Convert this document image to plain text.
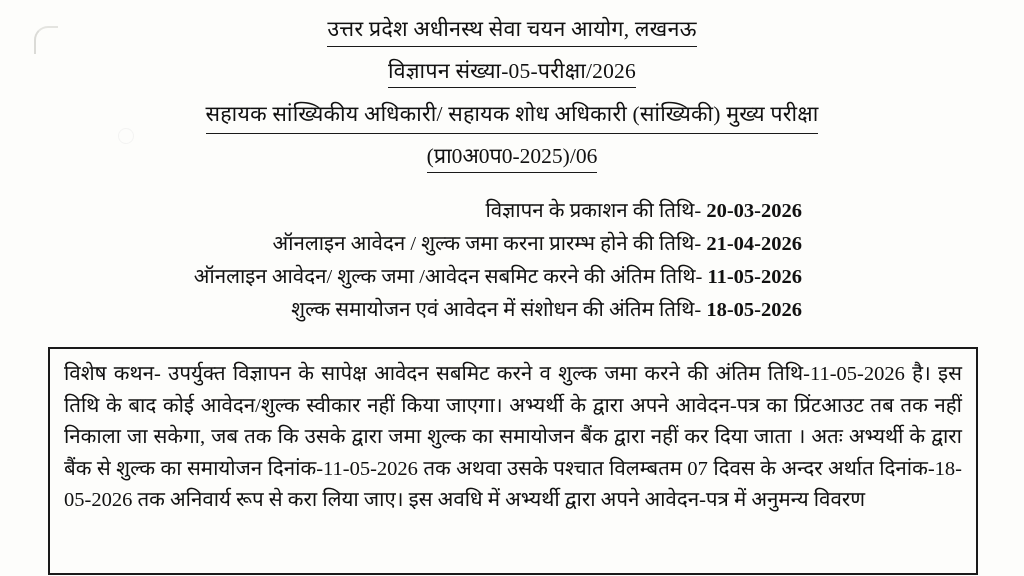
उत्तर प्रदेश अधीनस्थ सेवा चयन आयोग, लखनऊ
विज्ञापन संख्या-05-परीक्षा/2026
सहायक सांख्यिकीय अधिकारी/ सहायक शोध अधिकारी (सांख्यिकी) मुख्य परीक्षा
(प्रा0अ0प0-2025)/06
विज्ञापन के प्रकाशन की तिथि- 20-03-2026
ऑनलाइन आवेदन / शुल्क जमा करना प्रारम्भ होने की तिथि- 21-04-2026
ऑनलाइन आवेदन/ शुल्क जमा /आवेदन सबमिट करने की अंतिम तिथि- 11-05-2026
शुल्क समायोजन एवं आवेदन में संशोधन की अंतिम तिथि- 18-05-2026

विशेष कथन- उपर्युक्त विज्ञापन के सापेक्ष आवेदन सबमिट करने व शुल्क जमा करने की अंतिम तिथि-11-05-2026 है। इस तिथि के बाद कोई आवेदन/शुल्क स्वीकार नहीं किया जाएगा। अभ्यर्थी के द्वारा अपने आवेदन-पत्र का प्रिंटआउट तब तक नहीं निकाला जा सकेगा, जब तक कि उसके द्वारा जमा शुल्क का समायोजन बैंक द्वारा नहीं कर दिया जाता । अतः अभ्यर्थी के द्वारा बैंक से शुल्क का समायोजन दिनांक-11-05-2026 तक अथवा उसके पश्चात विलम्बतम 07 दिवस के अन्दर अर्थात दिनांक-18-05-2026 तक अनिवार्य रूप से करा लिया जाए। इस अवधि में अभ्यर्थी द्वारा अपने आवेदन-पत्र में अनुमन्य विवरण
